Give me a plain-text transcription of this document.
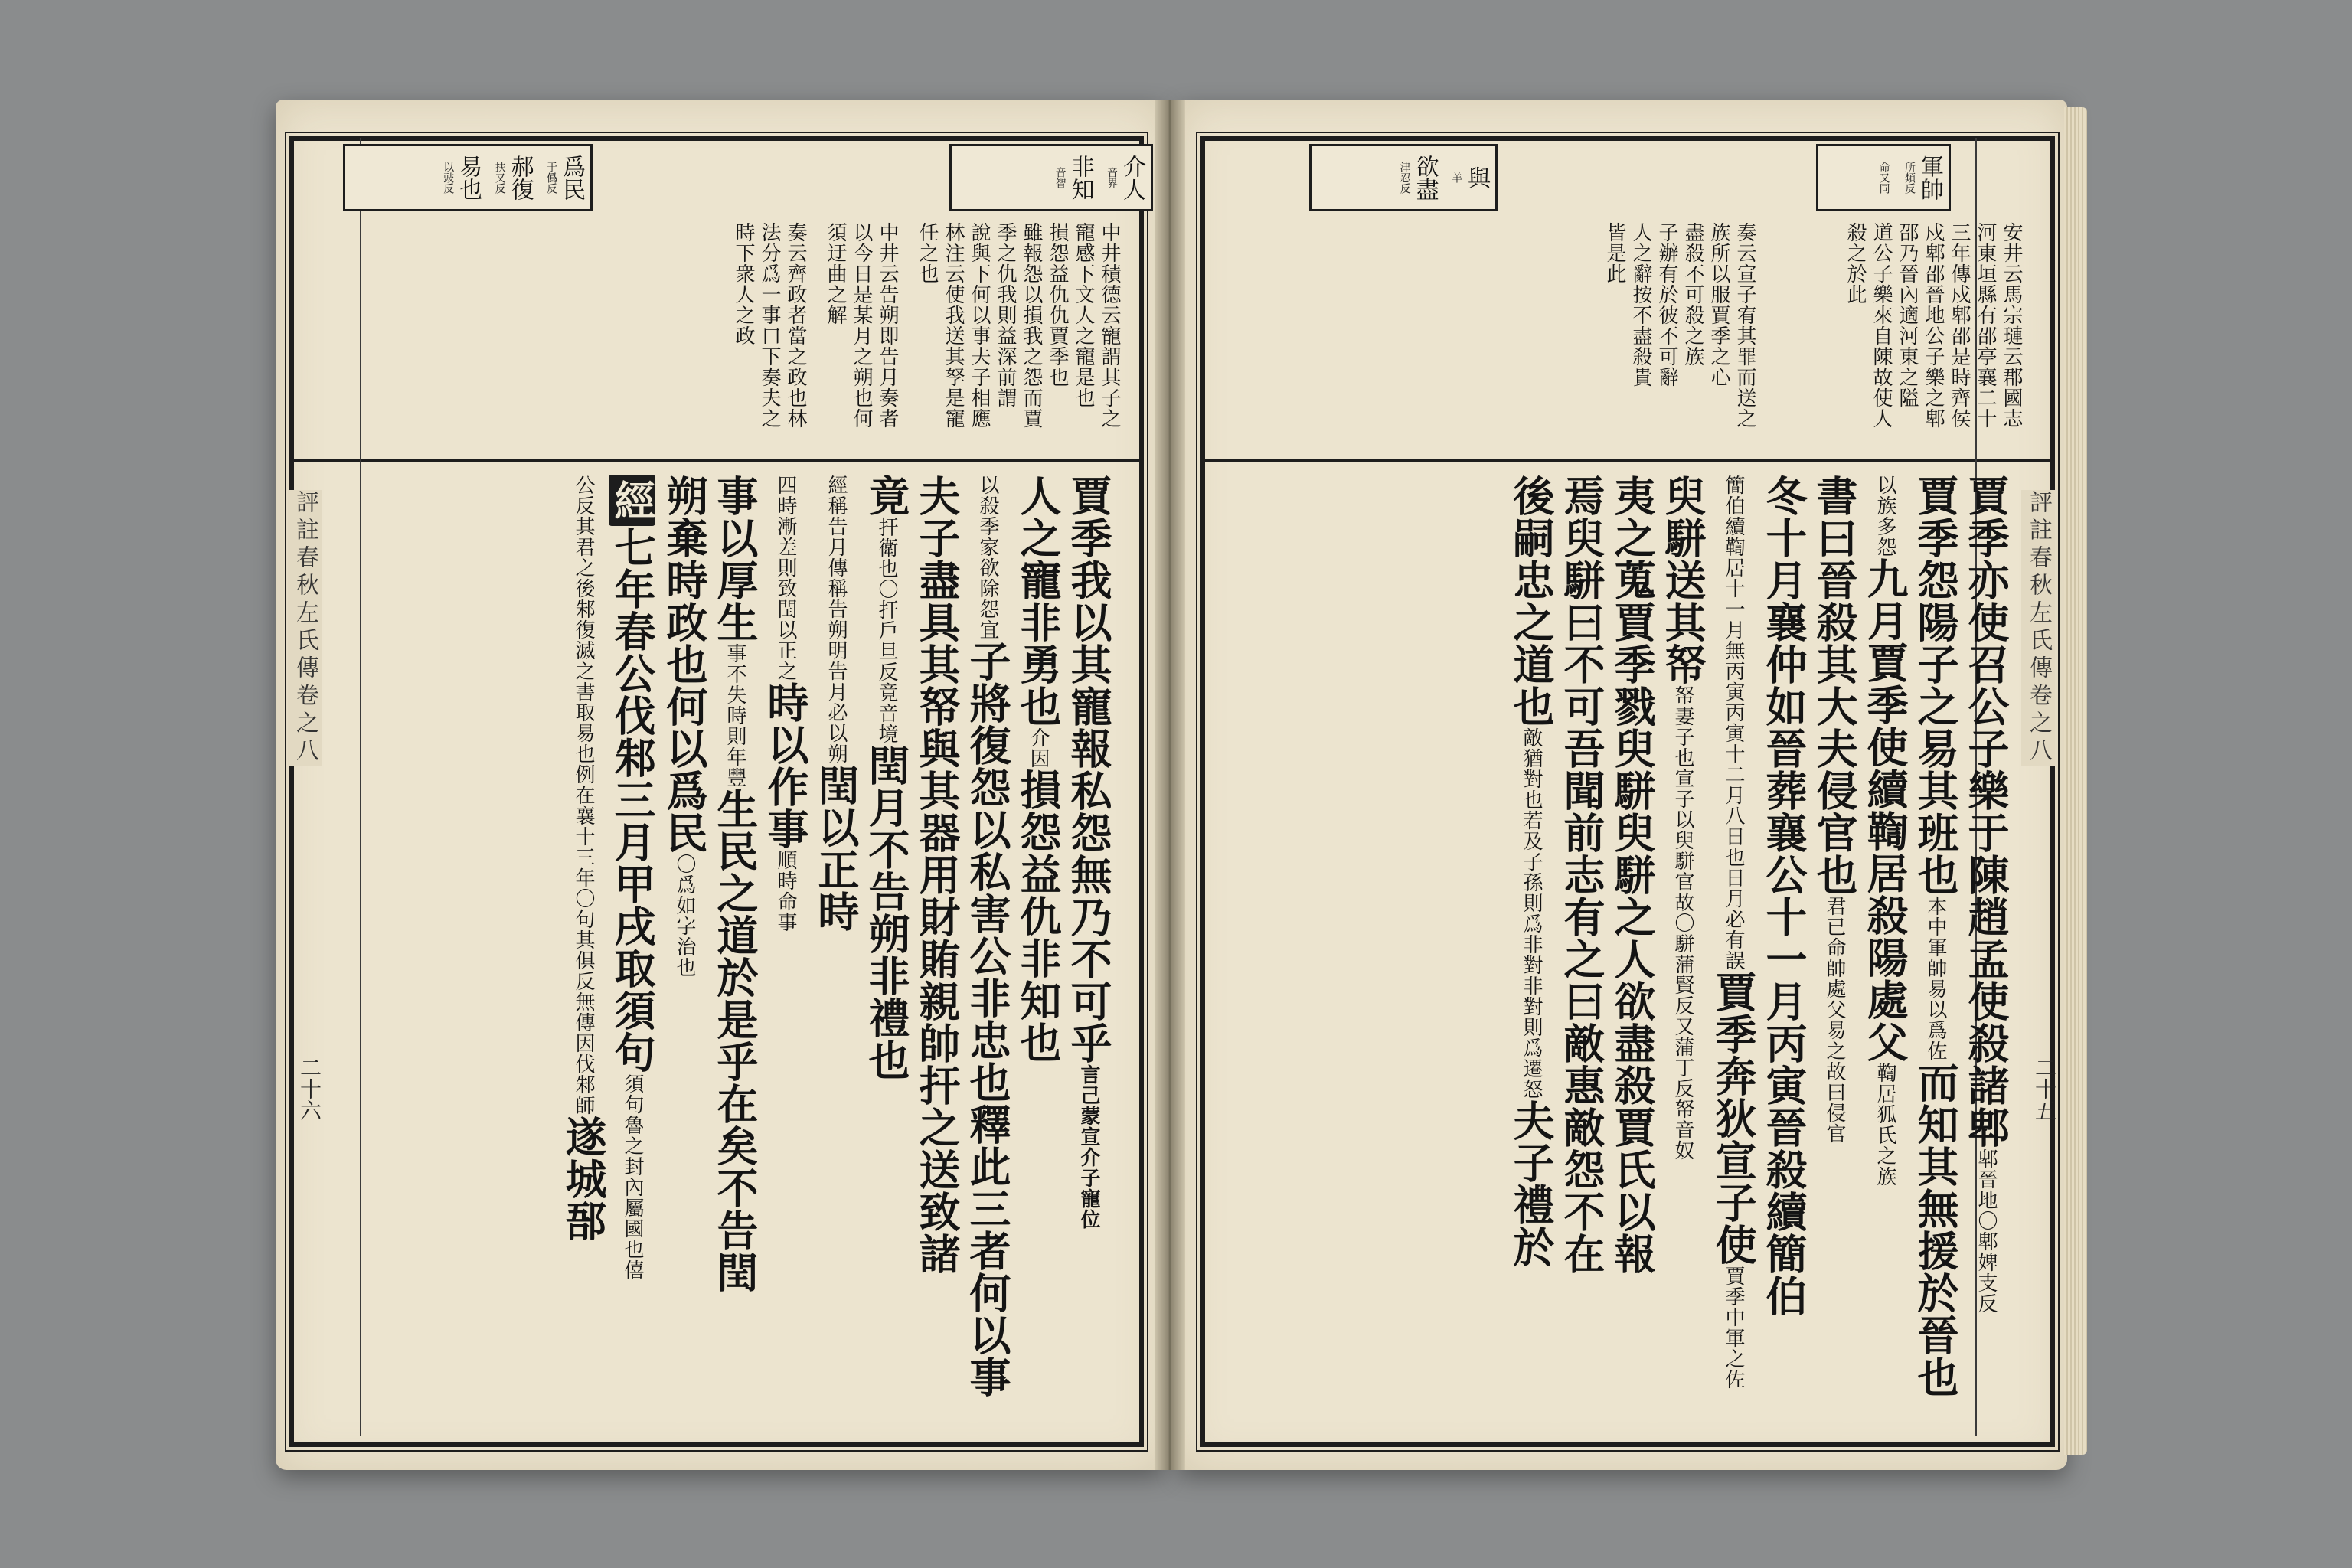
爲民
于僞反
郝復
扶又反
易也
以豉反	介人
音界
非知
音智	與
羊
欲盡
津忍反	軍帥
所類反
命又同
中井積德云寵謂其子之
寵感下文人之寵是也
損怨益仇仇賈季也
雖報怨以損我之怨而賈
季之仇我則益深前謂
說與下何以事夫子相應
林注云使我送其孥是寵
任之也
中井云告朔即告月奏者
以今日是某月之朔也何
須迂曲之解
奏云齊政者當之政也林
法分爲一事口下奏夫之
時下衆人之政
賈季我以其寵報私怨無乃不可乎言己蒙宣介子寵位
人之寵非勇也介因損怨益仇非知也
以殺季家欲除怨宜子將復怨以私害公非忠也釋此三者何以事
夫子盡具其帑與其器用財賄親帥扞之送致諸
竟扞衛也〇扞戶旦反竟音境閏月不告朔非禮也
經稱告月傳稱告朔明告月必以朔閏以正時
四時漸差則致閏以正之時以作事順時命事
事以厚生事不失時則年豐生民之道於是乎在矣不告閏
朔棄時政也何以爲民〇爲如字治也
經七年春公伐邾三月甲戌取須句須句魯之封內屬國也僖
公反其君之後邾復滅之書取易也例在襄十三年〇句其俱反無傳因伐邾師遂城郚
評註春秋左氏傳卷之八
二十六
安井云馬宗璉云郡國志
河東垣縣有邵亭襄二十
三年傳戍郫邵是時齊侯
戍郫邵晉地公子樂之郫
邵乃晉內適河東之隘
道公子樂來自陳故使人
殺之於此
奏云宣子宥其罪而送之
族所以服賈季之心
盡殺不可殺之族
子辦有於彼不可辭
人之辭按不盡殺貴
皆是此
賈季亦使召公子樂于陳趙孟使殺諸郫郫晉地〇郫婢支反
賈季怨陽子之易其班也本中軍帥易以爲佐而知其無援於晉也
以族多怨九月賈季使續鞫居殺陽處父鞫居狐氏之族
書曰晉殺其大夫侵官也君已命帥處父易之故曰侵官
冬十月襄仲如晉葬襄公十一月丙寅晉殺續簡伯
簡伯續鞫居十一月無丙寅丙寅十二月八日也日月必有誤賈季奔狄宣子使賈季中軍之佐
臾駢送其帑帑妻子也宣子以臾駢官故〇駢蒲賢反又蒲丁反帑音奴
夷之蒐賈季戮臾駢臾駢之人欲盡殺賈氏以報
焉臾駢曰不可吾聞前志有之曰敵惠敵怨不在
後嗣忠之道也敵猶對也若及子孫則爲非對非對則爲遷怒夫子禮於
評註春秋左氏傳卷之八
二十五
